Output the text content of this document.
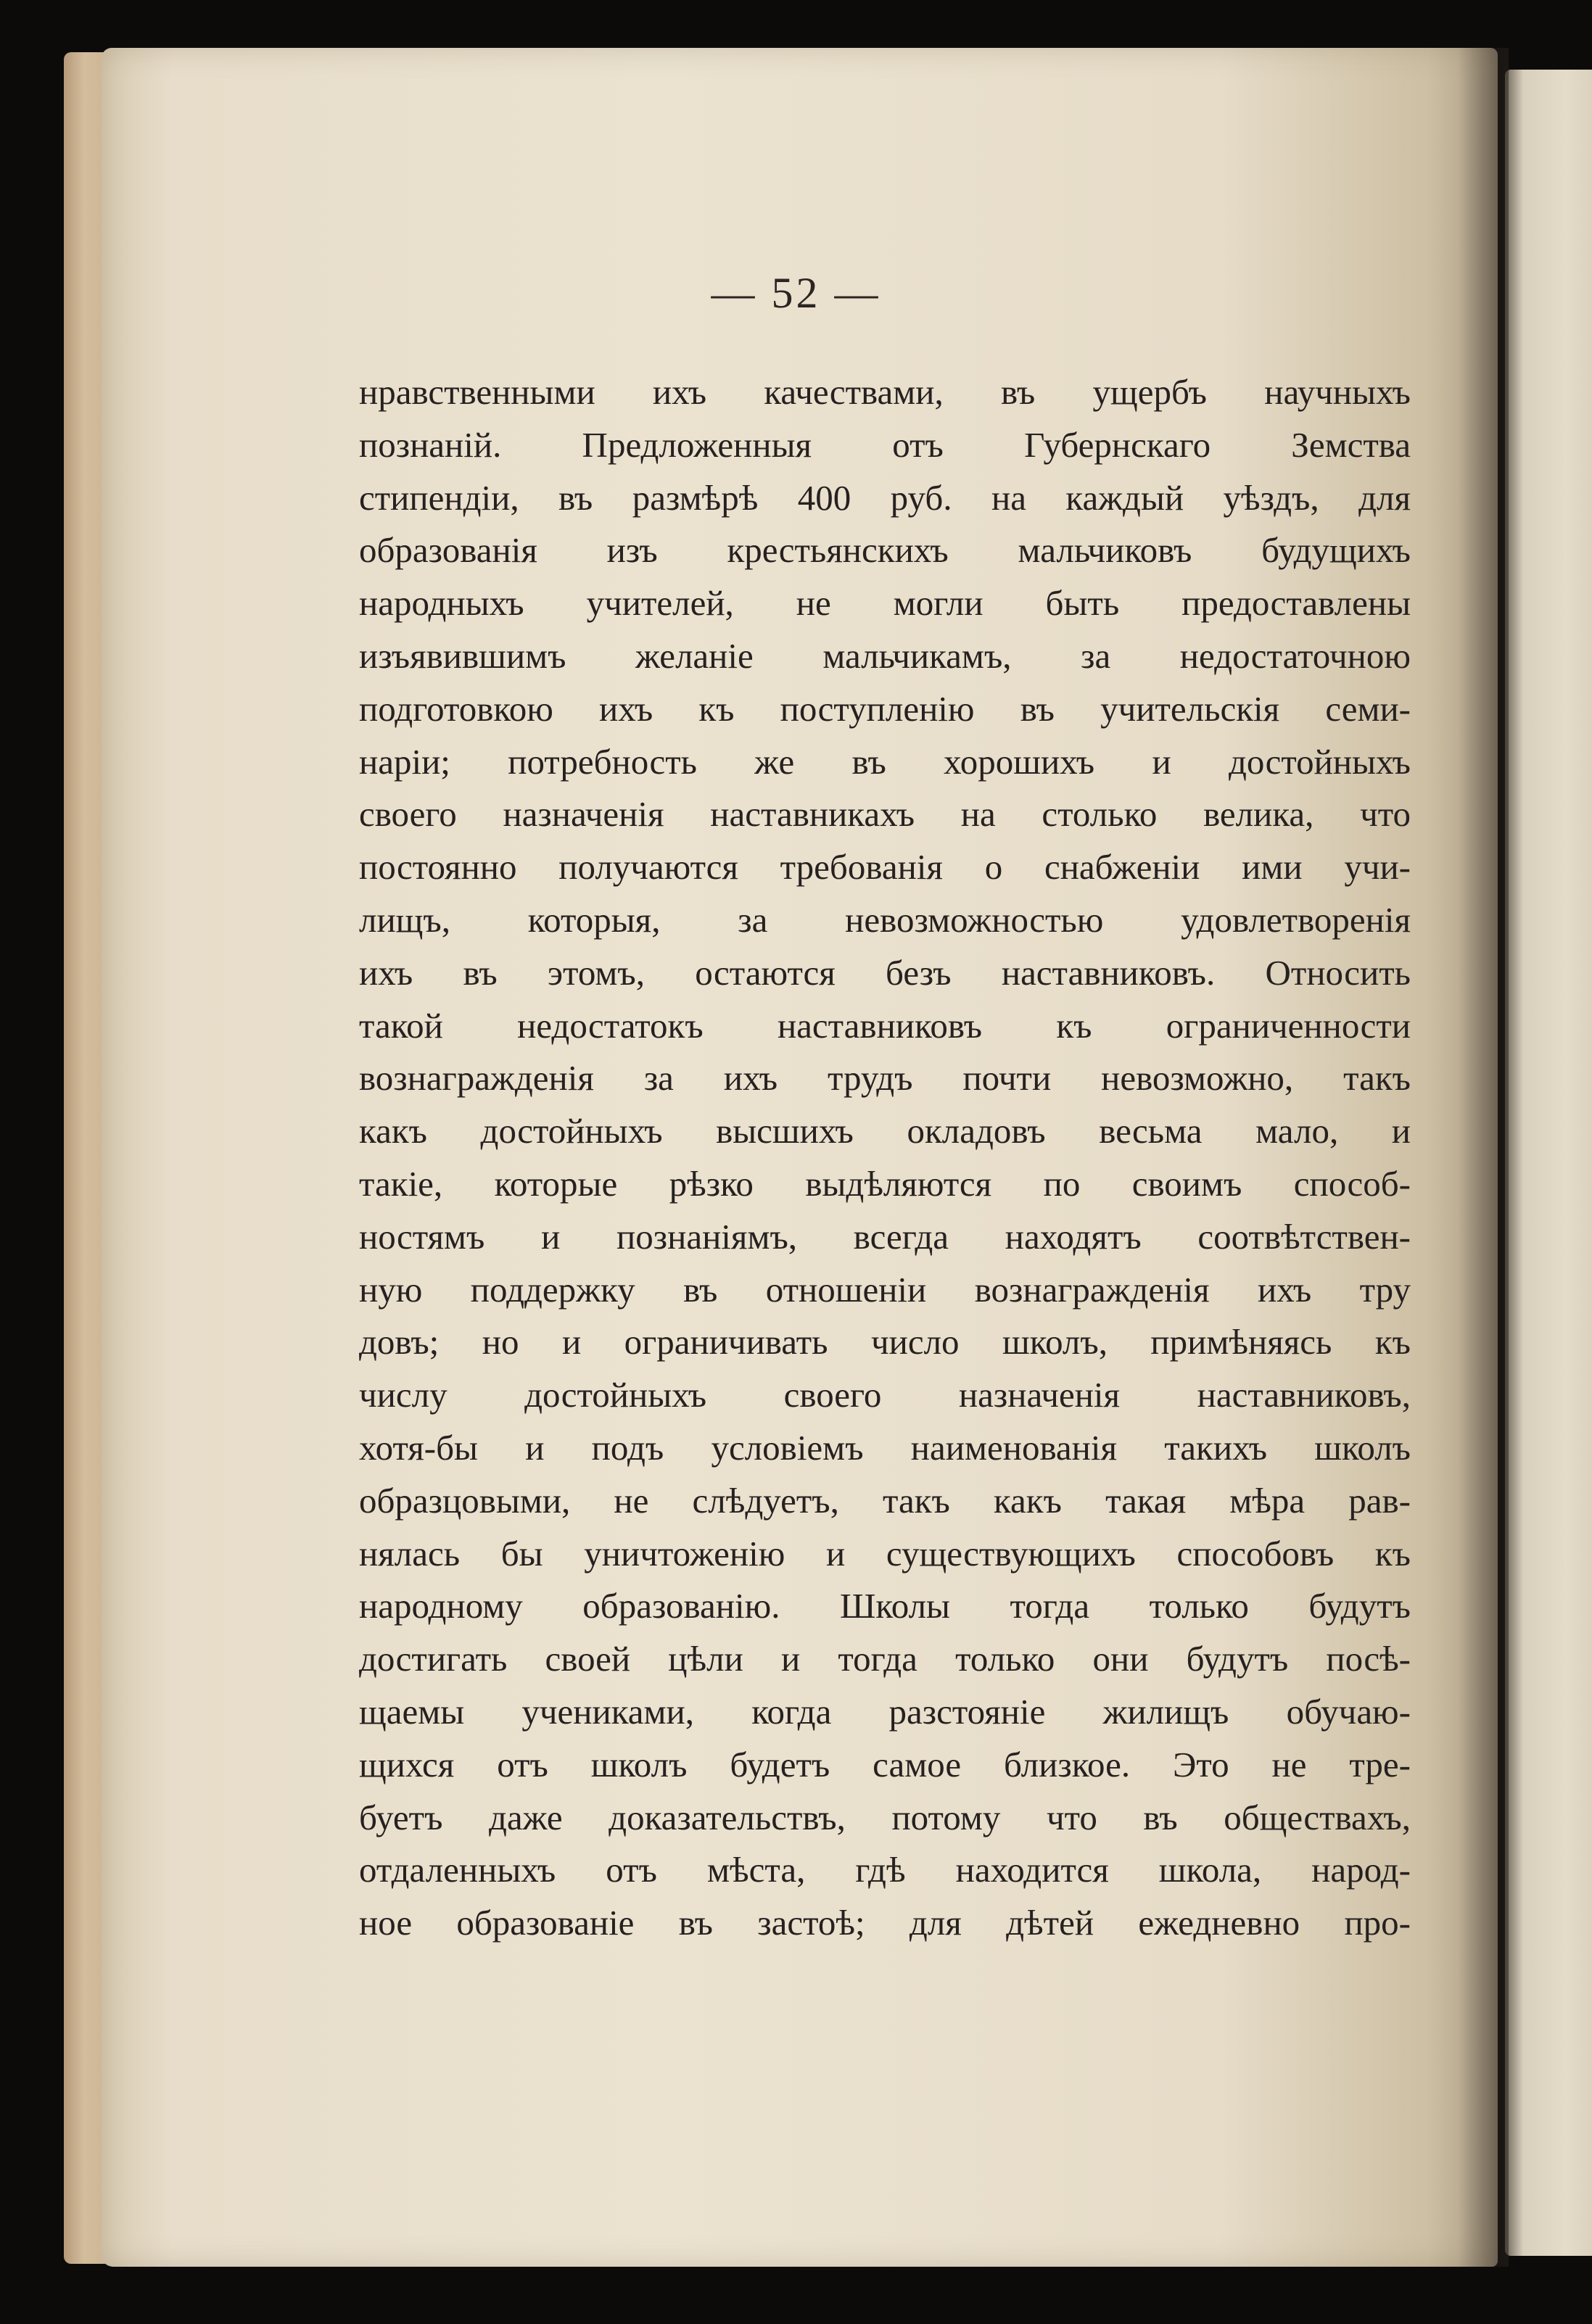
— 52 —
нравственными ихъ качествами, въ ущербъ научныхъ
познаній. Предложенныя отъ Губернскаго Земства
стипендіи, въ размѣрѣ 400 руб. на каждый уѣздъ, для
образованія изъ крестьянскихъ мальчиковъ будущихъ
народныхъ учителей, не могли быть предоставлены
изъявившимъ желаніе мальчикамъ, за недостаточною
подготовкою ихъ къ поступленію въ учительскія семи-
наріи; потребность же въ хорошихъ и достойныхъ
своего назначенія наставникахъ на столько велика, что
постоянно получаются требованія о снабженіи ими учи-
лищъ, которыя, за невозможностью удовлетворенія
ихъ въ этомъ, остаются безъ наставниковъ. Относить
такой недостатокъ наставниковъ къ ограниченности
вознагражденія за ихъ трудъ почти невозможно, такъ
какъ достойныхъ высшихъ окладовъ весьма мало, и
такіе, которые рѣзко выдѣляются по своимъ способ-
ностямъ и познаніямъ, всегда находятъ соотвѣтствен-
ную поддержку въ отношеніи вознагражденія ихъ тру
довъ; но и ограничивать число школъ, примѣняясь къ
числу достойныхъ своего назначенія наставниковъ,
хотя-бы и подъ условіемъ наименованія такихъ школъ
образцовыми, не слѣдуетъ, такъ какъ такая мѣра рав-
нялась бы уничтоженію и существующихъ способовъ къ
народному образованію. Школы тогда только будутъ
достигать своей цѣли и тогда только они будутъ посѣ-
щаемы учениками, когда разстояніе жилищъ обучаю-
щихся отъ школъ будетъ самое близкое. Это не тре-
буетъ даже доказательствъ, потому что въ обществахъ,
отдаленныхъ отъ мѣста, гдѣ находится школа, народ-
ное образованіе въ застоѣ; для дѣтей ежедневно про-
